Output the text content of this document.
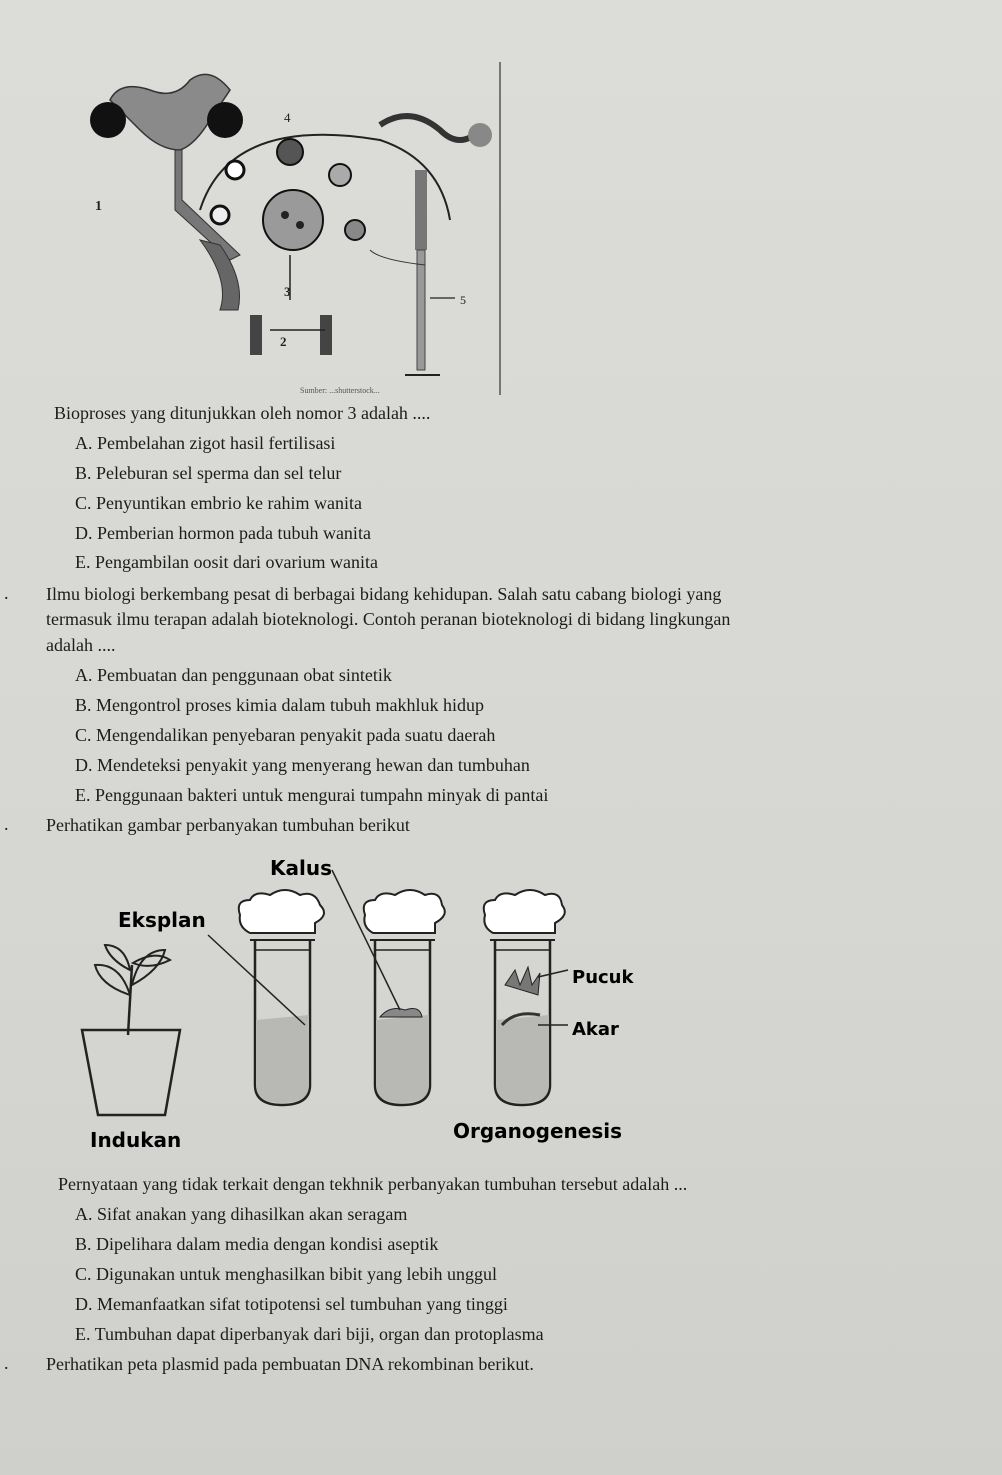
4
1
3
2
5
Sumber: ...shutterstock...
Bioproses yang ditunjukkan oleh nomor 3 adalah ....
A. Pembelahan zigot hasil fertilisasi
B. Peleburan sel sperma dan sel telur
C. Penyuntikan embrio ke rahim wanita
D. Pemberian hormon pada tubuh wanita
E. Pengambilan oosit dari ovarium wanita
. Ilmu biologi berkembang pesat di berbagai bidang kehidupan. Salah satu cabang biologi yang
termasuk ilmu terapan adalah bioteknologi. Contoh peranan bioteknologi di bidang lingkungan
adalah ....
A. Pembuatan dan penggunaan obat sintetik
B. Mengontrol proses kimia dalam tubuh makhluk hidup
C. Mengendalikan penyebaran penyakit pada suatu daerah
D. Mendeteksi penyakit yang menyerang hewan dan tumbuhan
E. Penggunaan bakteri untuk mengurai tumpahn minyak di pantai
. Perhatikan gambar perbanyakan tumbuhan berikut
Kalus
Eksplan
Pucuk
Akar
Indukan	Organogenesis
Pernyataan yang tidak terkait dengan tekhnik perbanyakan tumbuhan tersebut adalah ...
A. Sifat anakan yang dihasilkan akan seragam
B. Dipelihara dalam media dengan kondisi aseptik
C. Digunakan untuk menghasilkan bibit yang lebih unggul
D. Memanfaatkan sifat totipotensi sel tumbuhan yang tinggi
E. Tumbuhan dapat diperbanyak dari biji, organ dan protoplasma
. Perhatikan peta plasmid pada pembuatan DNA rekombinan berikut.
